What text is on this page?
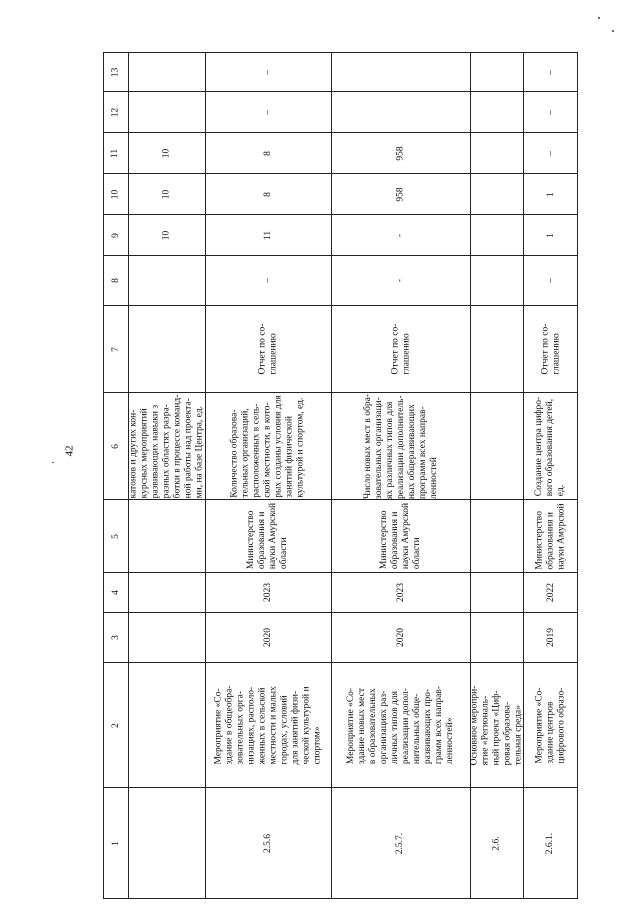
42
1
2
3
4
5
6
7
8
9
10
11
12
13
катонов и других кон-
курсных мероприятий
развивающих навыки з
разных областях разра-
ботки в процессе команд-
ной работы над проекта-
ми, на базе Центра, ед.
10
10
10
2.5.6
Мероприятие «Со-
здание в общеобра-
зовательных орга-
низациях, располо-
женных в сельской
местности и малых
городах, условий
для занятий физи-
ческой культурой и
спортом»
2020
2023
Министерство
образования и
науки Амурской
области
Количество образова-
тельных организаций,
расположенных в сель-
ской местности, в кото-
рых созданы условия для
занятий физической
культурой и спортом, ед.
Отчет по со-
глашению
–
11
8
8
–
–
2.5.7.
Мероприятие «Со-
здание новых мест
в образовательных
организациях раз-
личных типов для
реализации допол-
нительных обще-
развивающих про-
грамм всех направ-
ленностей»
2020
2023
Министерство
образования и
науки Амурской
области
Число новых мест в обра-
зовательных организаци-
ях различных типов для
реализации дополнитель-
ных общеразвивающих
программ всех направ-
ленностей
Отчет по со-
глашению
-
-
958
958
2.6.
Основное меропри-
ятие «Региональ-
ный проект «Циф-
ровая образова-
тельная среда»
2.6.1.
Мероприятие «Со-
здание центров
цифрового образо-
2019
2022
Министерство
образования и
науки Амурской
Создание центра цифро-
вого образования детей,
ед.
Отчет по со-
глашению
–
1
1
–
–
–
